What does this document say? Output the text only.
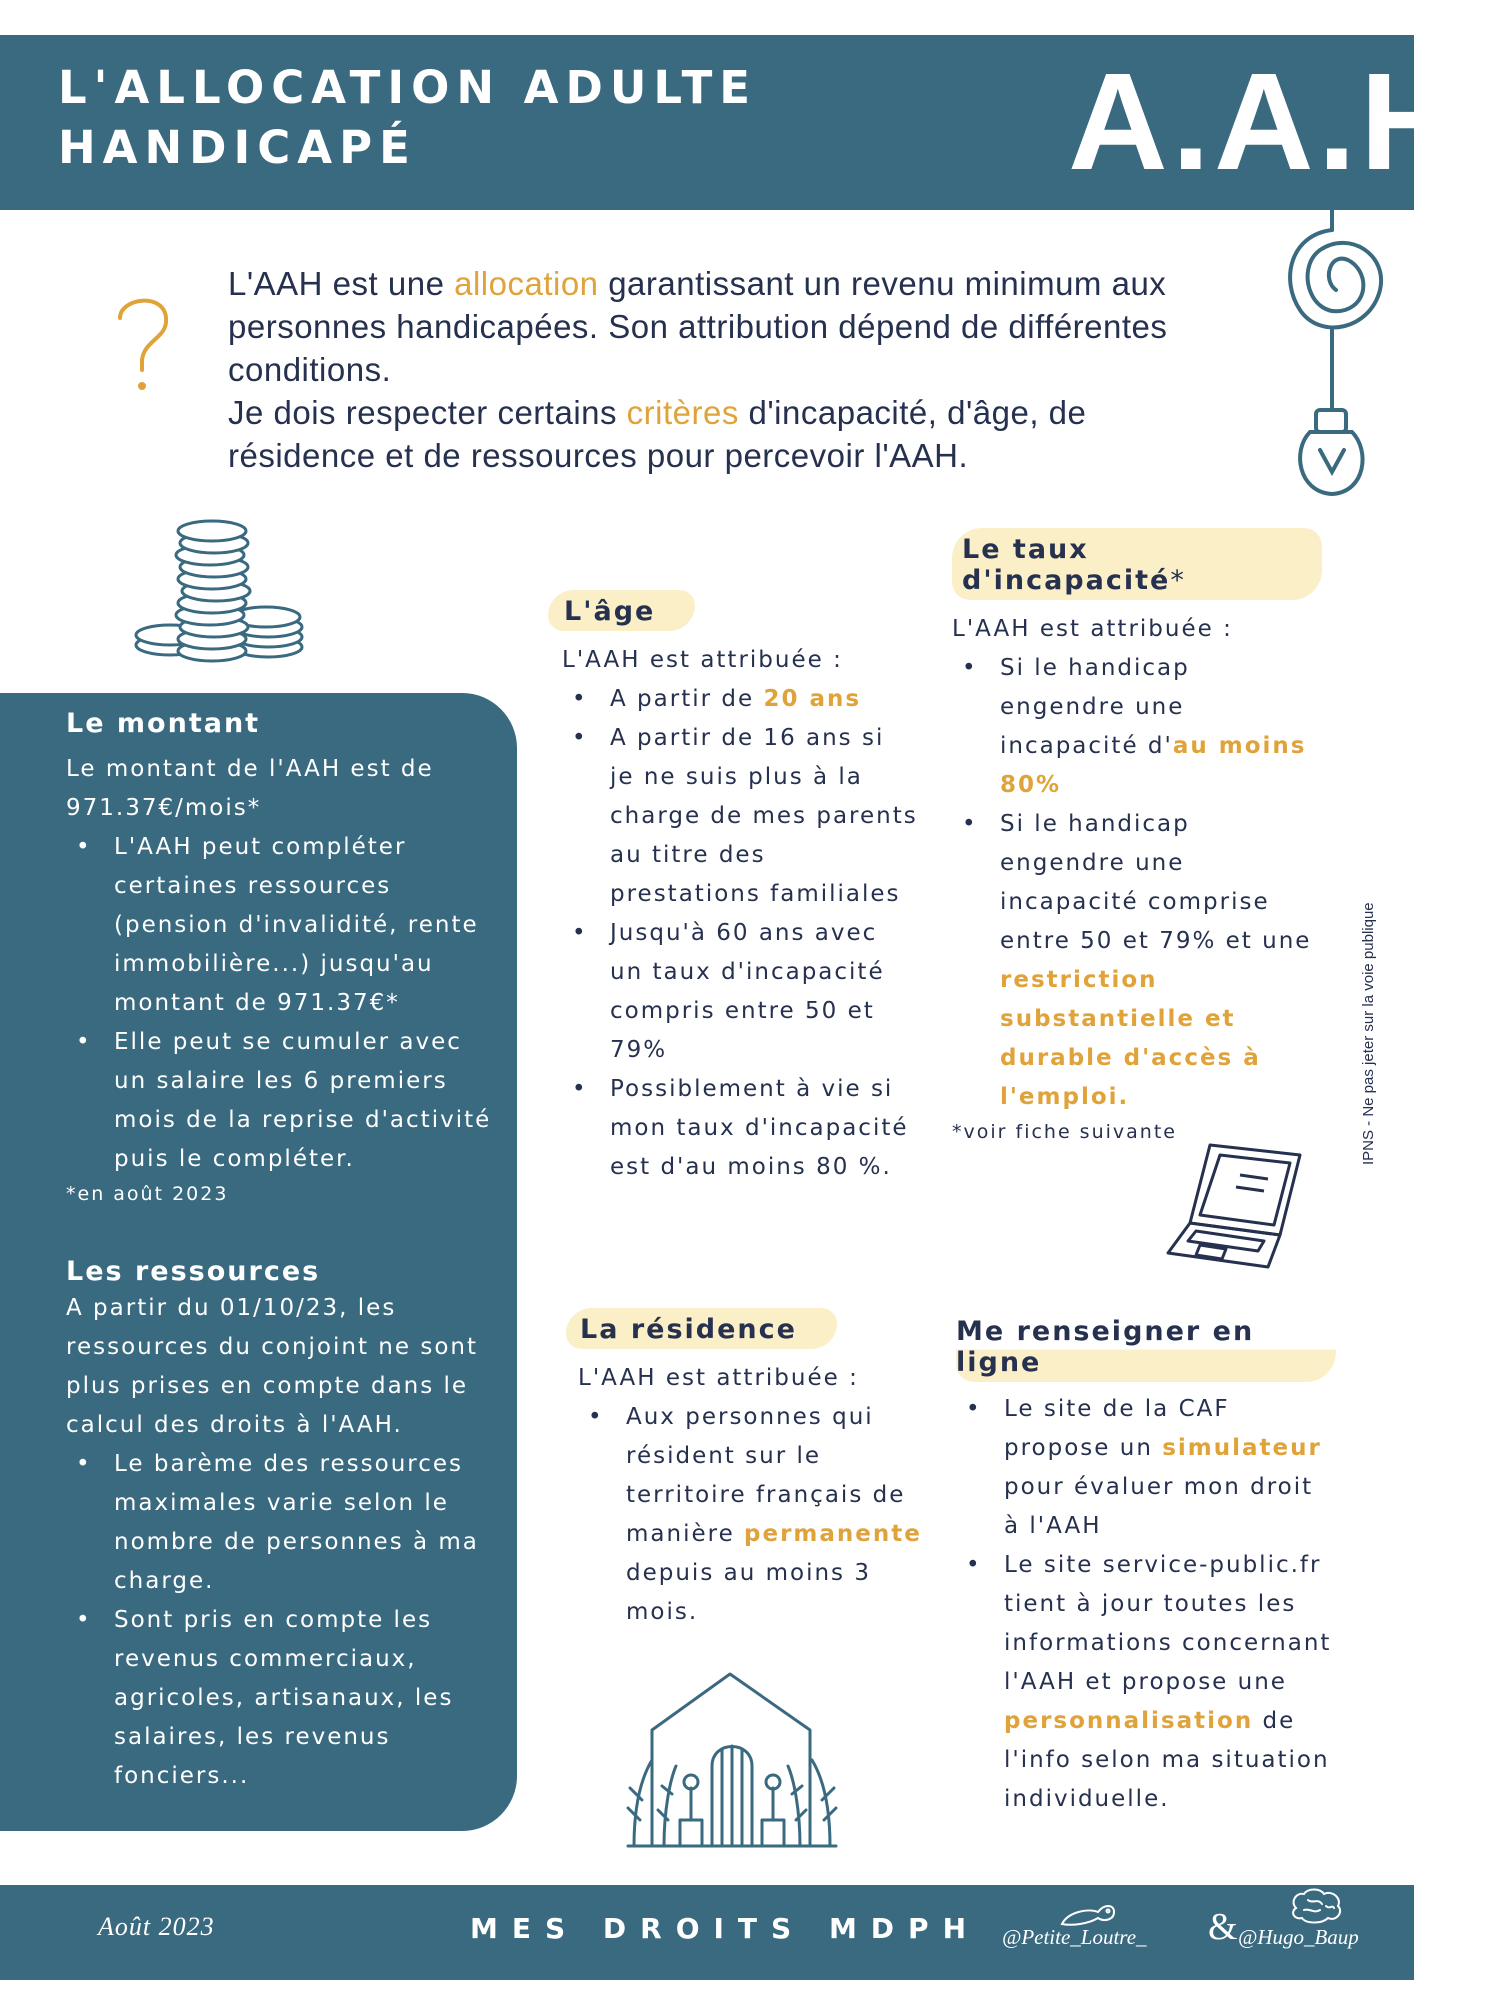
L'ALLOCATION ADULTE
HANDICAPÉ	A.A.H.
L'AAH est une allocation garantissant un revenu minimum aux personnes handicapées. Son attribution dépend de différentes conditions.
Je dois respecter certains critères d'incapacité, d'âge, de résidence et de ressources pour percevoir l'AAH.
Le montant
Le montant de l'AAH est de 971.37€/mois*
• L'AAH peut compléter certaines ressources (pension d'invalidité, rente immobilière...) jusqu'au montant de 971.37€*
• Elle peut se cumuler avec un salaire les 6 premiers mois de la reprise d'activité puis le compléter.
*en août 2023
Les ressources
A partir du 01/10/23, les ressources du conjoint ne sont plus prises en compte dans le calcul des droits à l'AAH.
• Le barème des ressources maximales varie selon le nombre de personnes à ma charge.
• Sont pris en compte les revenus commerciaux, agricoles, artisanaux, les salaires, les revenus fonciers...
L'âge
L'AAH est attribuée :
• A partir de 20 ans
• A partir de 16 ans si je ne suis plus à la charge de mes parents au titre des prestations familiales
• Jusqu'à 60 ans avec un taux d'incapacité compris entre 50 et 79%
• Possiblement à vie si mon taux d'incapacité est d'au moins 80 %.
Le taux d'incapacité*
L'AAH est attribuée :
• Si le handicap engendre une incapacité d'au moins 80%
• Si le handicap engendre une incapacité comprise entre 50 et 79% et une restriction substantielle et durable d'accès à l'emploi.
*voir fiche suivante
La résidence
L'AAH est attribuée :
• Aux personnes qui résident sur le territoire français de manière permanente depuis au moins 3 mois.
Me renseigner en ligne
• Le site de la CAF propose un simulateur pour évaluer mon droit à l'AAH
• Le site service-public.fr tient à jour toutes les informations concernant l'AAH et propose une personnalisation de l'info selon ma situation individuelle.
IPNS - Ne pas jeter sur la voie publique
Août 2023	MES DROITS MDPH @Petite_Loutre_ & @Hugo_Baup
